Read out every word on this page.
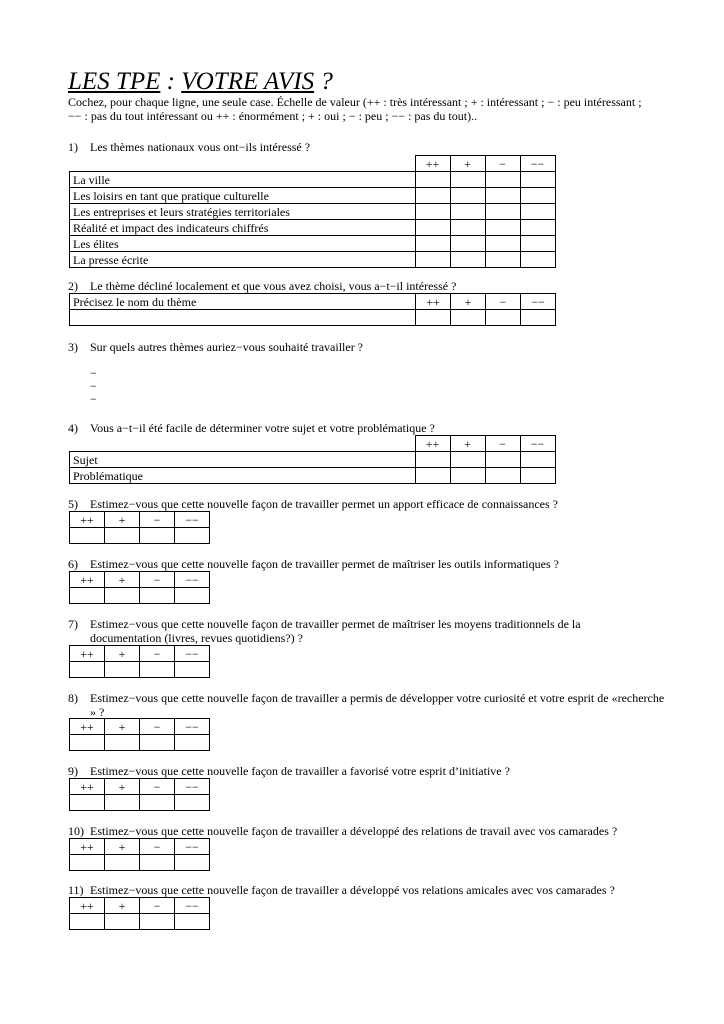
LES TPE : VOTRE AVIS ?
Cochez, pour chaque ligne, une seule case. Échelle de valeur (++ : très intéressant ; + : intéressant ; − : peu intéressant ; −− : pas du tout intéressant ou ++ : énormément ; + : oui ; − : peu ; −− : pas du tout)..
1) Les thèmes nationaux vous ont−ils intéressé ?
	++	+	−	−−
La ville				
Les loisirs en tant que pratique culturelle				
Les entreprises et leurs stratégies territoriales				
Réalité et impact des indicateurs chiffrés				
Les élites				
La presse écrite				
2) Le thème décliné localement et que vous avez choisi, vous a−t−il intéressé ?
Précisez le nom du thème	++	+	−	−−

3) Sur quels autres thèmes auriez−vous souhaité travailler ?
−
−
−
4) Vous a−t−il été facile de déterminer votre sujet et votre problématique ?
	++	+	−	−−
Sujet				
Problématique				
5) Estimez−vous que cette nouvelle façon de travailler permet un apport efficace de connaissances ?
++	+	−	−−

6) Estimez−vous que cette nouvelle façon de travailler permet de maîtriser les outils informatiques ?
++	+	−	−−

7) Estimez−vous que cette nouvelle façon de travailler permet de maîtriser les moyens traditionnels de la documentation (livres, revues quotidiens?) ?
++	+	−	−−

8) Estimez−vous que cette nouvelle façon de travailler a permis de développer votre curiosité et votre esprit de «recherche » ?
++	+	−	−−

9) Estimez−vous que cette nouvelle façon de travailler a favorisé votre esprit d’initiative ?
++	+	−	−−

10) Estimez−vous que cette nouvelle façon de travailler a développé des relations de travail avec vos camarades ?
++	+	−	−−

11) Estimez−vous que cette nouvelle façon de travailler a développé vos relations amicales avec vos camarades ?
++	+	−	−−
